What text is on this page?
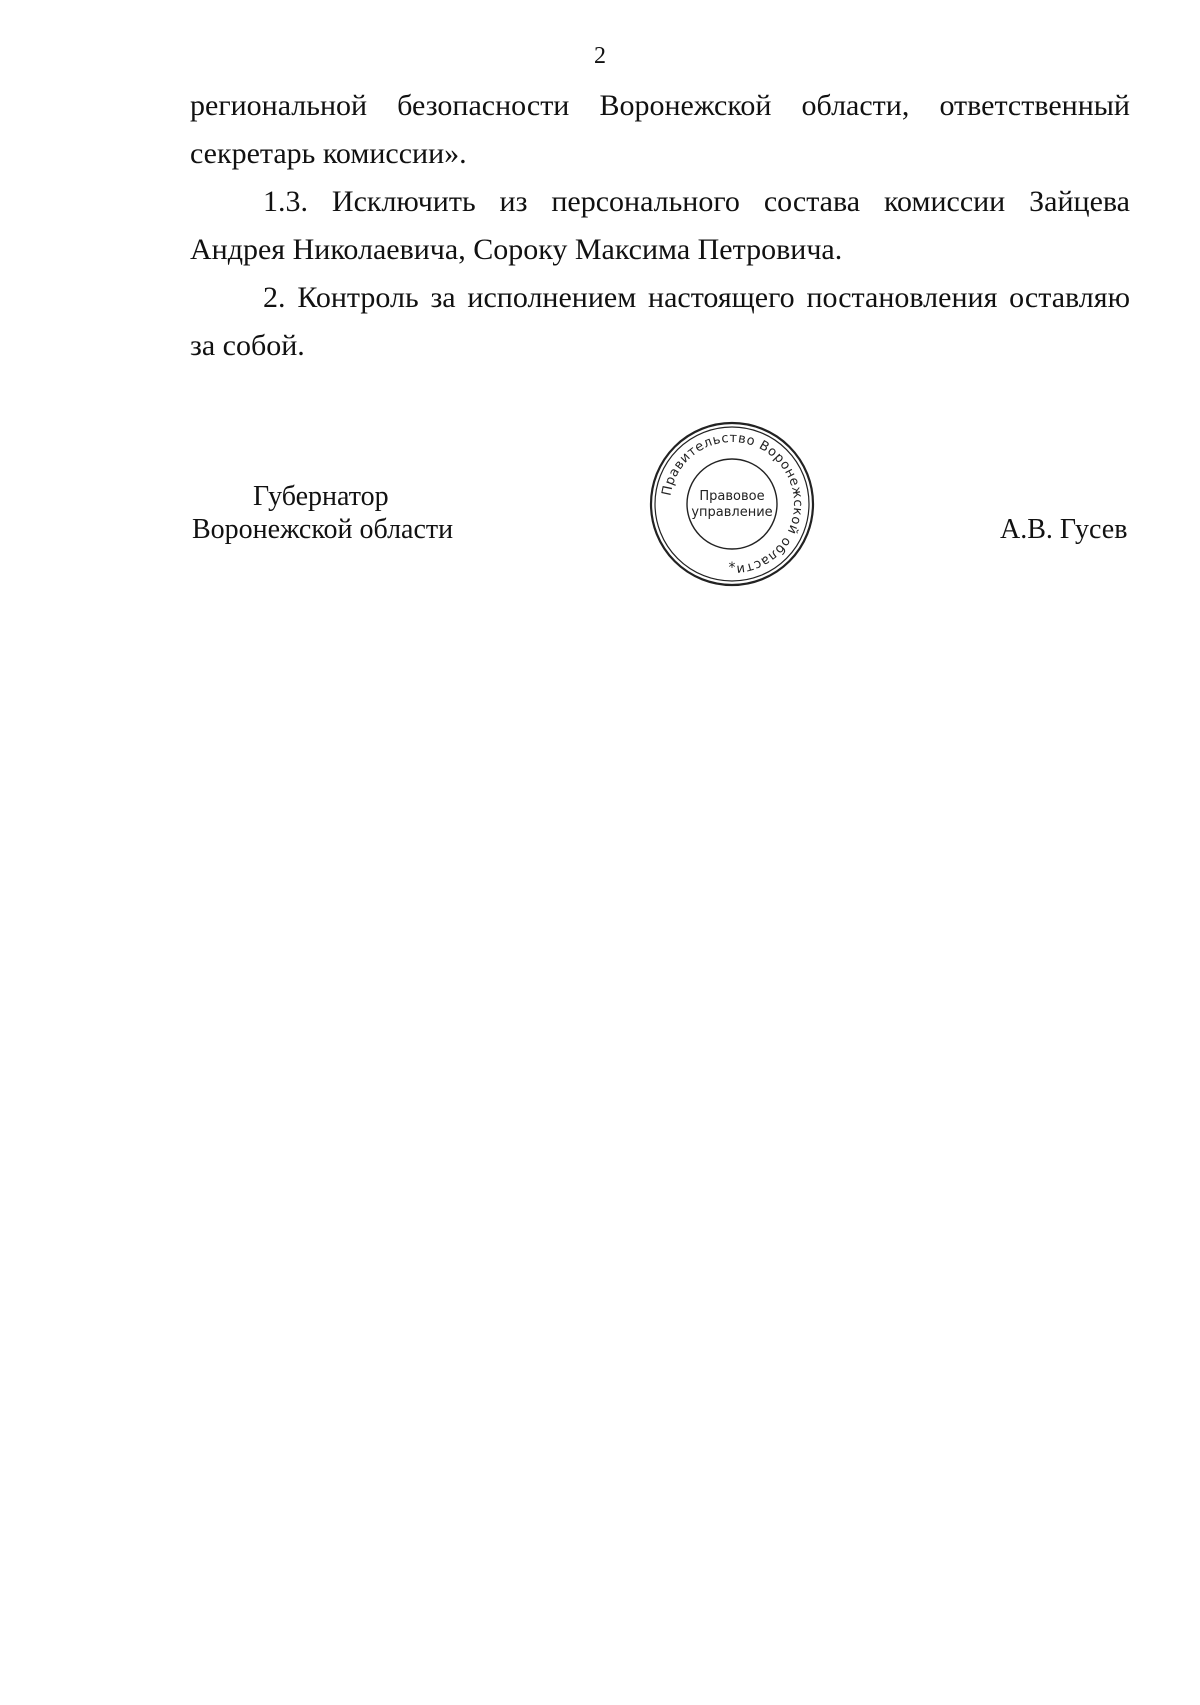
2

региональной безопасности Воронежской области, ответственный секретарь комиссии».

1.3. Исключить из персонального состава комиссии Зайцева Андрея Николаевича, Сороку Максима Петровича.

2. Контроль за исполнением настоящего постановления оставляю за собой.

Губернатор
Воронежской области	А.В. Гусев
Правительство Воронежской области
Правовое
управление
*
